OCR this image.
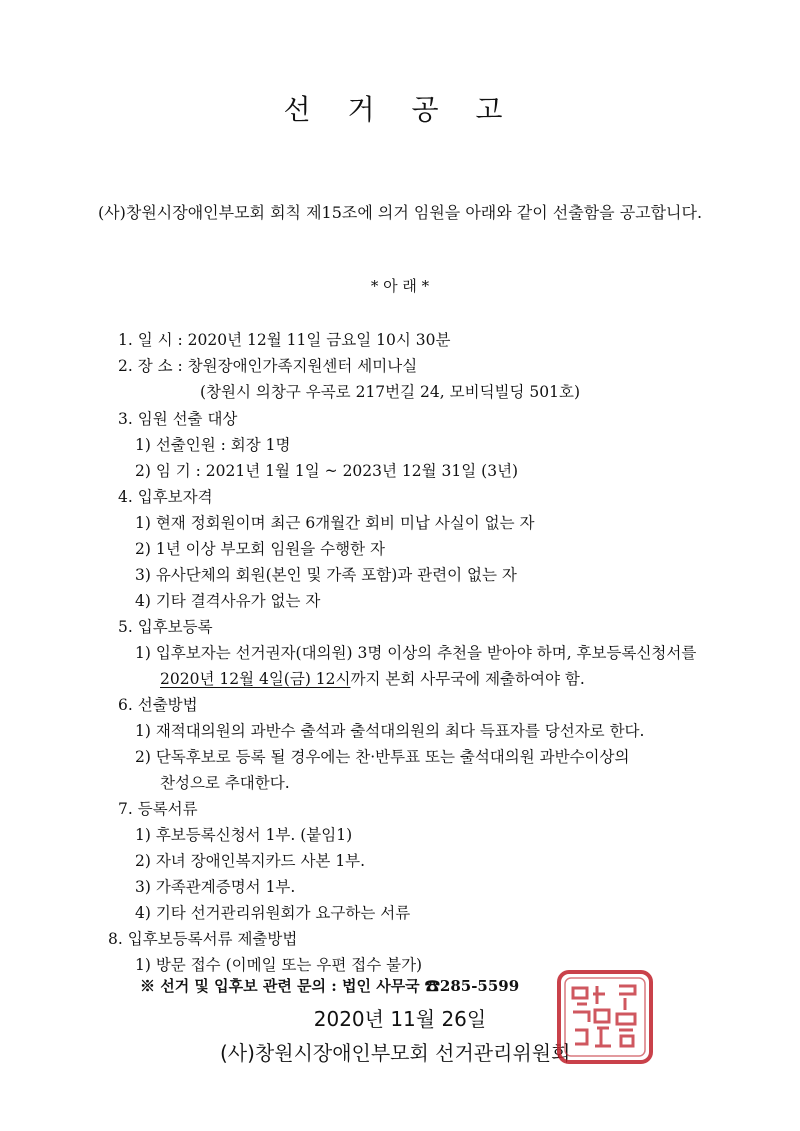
선 거 공 고
(사)창원시장애인부모회 회칙 제15조에 의거 임원을 아래와 같이 선출함을 공고합니다.
* 아 래 *
1. 일 시 : 2020년 12월 11일 금요일 10시 30분
2. 장 소 : 창원장애인가족지원센터 세미나실
(창원시 의창구 우곡로 217번길 24, 모비딕빌딩 501호)
3. 임원 선출 대상
1) 선출인원 : 회장 1명
2) 임 기 : 2021년 1월 1일 ~ 2023년 12월 31일 (3년)
4. 입후보자격
1) 현재 정회원이며 최근 6개월간 회비 미납 사실이 없는 자
2) 1년 이상 부모회 임원을 수행한 자
3) 유사단체의 회원(본인 및 가족 포함)과 관련이 없는 자
4) 기타 결격사유가 없는 자
5. 입후보등록
1) 입후보자는 선거권자(대의원) 3명 이상의 추천을 받아야 하며, 후보등록신청서를
2020년 12월 4일(금) 12시까지 본회 사무국에 제출하여야 함.
6. 선출방법
1) 재적대의원의 과반수 출석과 출석대의원의 최다 득표자를 당선자로 한다.
2) 단독후보로 등록 될 경우에는 찬·반투표 또는 출석대의원 과반수이상의
찬성으로 추대한다.
7. 등록서류
1) 후보등록신청서 1부. (붙임1)
2) 자녀 장애인복지카드 사본 1부.
3) 가족관계증명서 1부.
4) 기타 선거관리위원회가 요구하는 서류
8. 입후보등록서류 제출방법
1) 방문 접수 (이메일 또는 우편 접수 불가)
※ 선거 및 입후보 관련 문의 : 법인 사무국 ☎285-5599
2020년 11월 26일
(사)창원시장애인부모회 선거관리위원회
